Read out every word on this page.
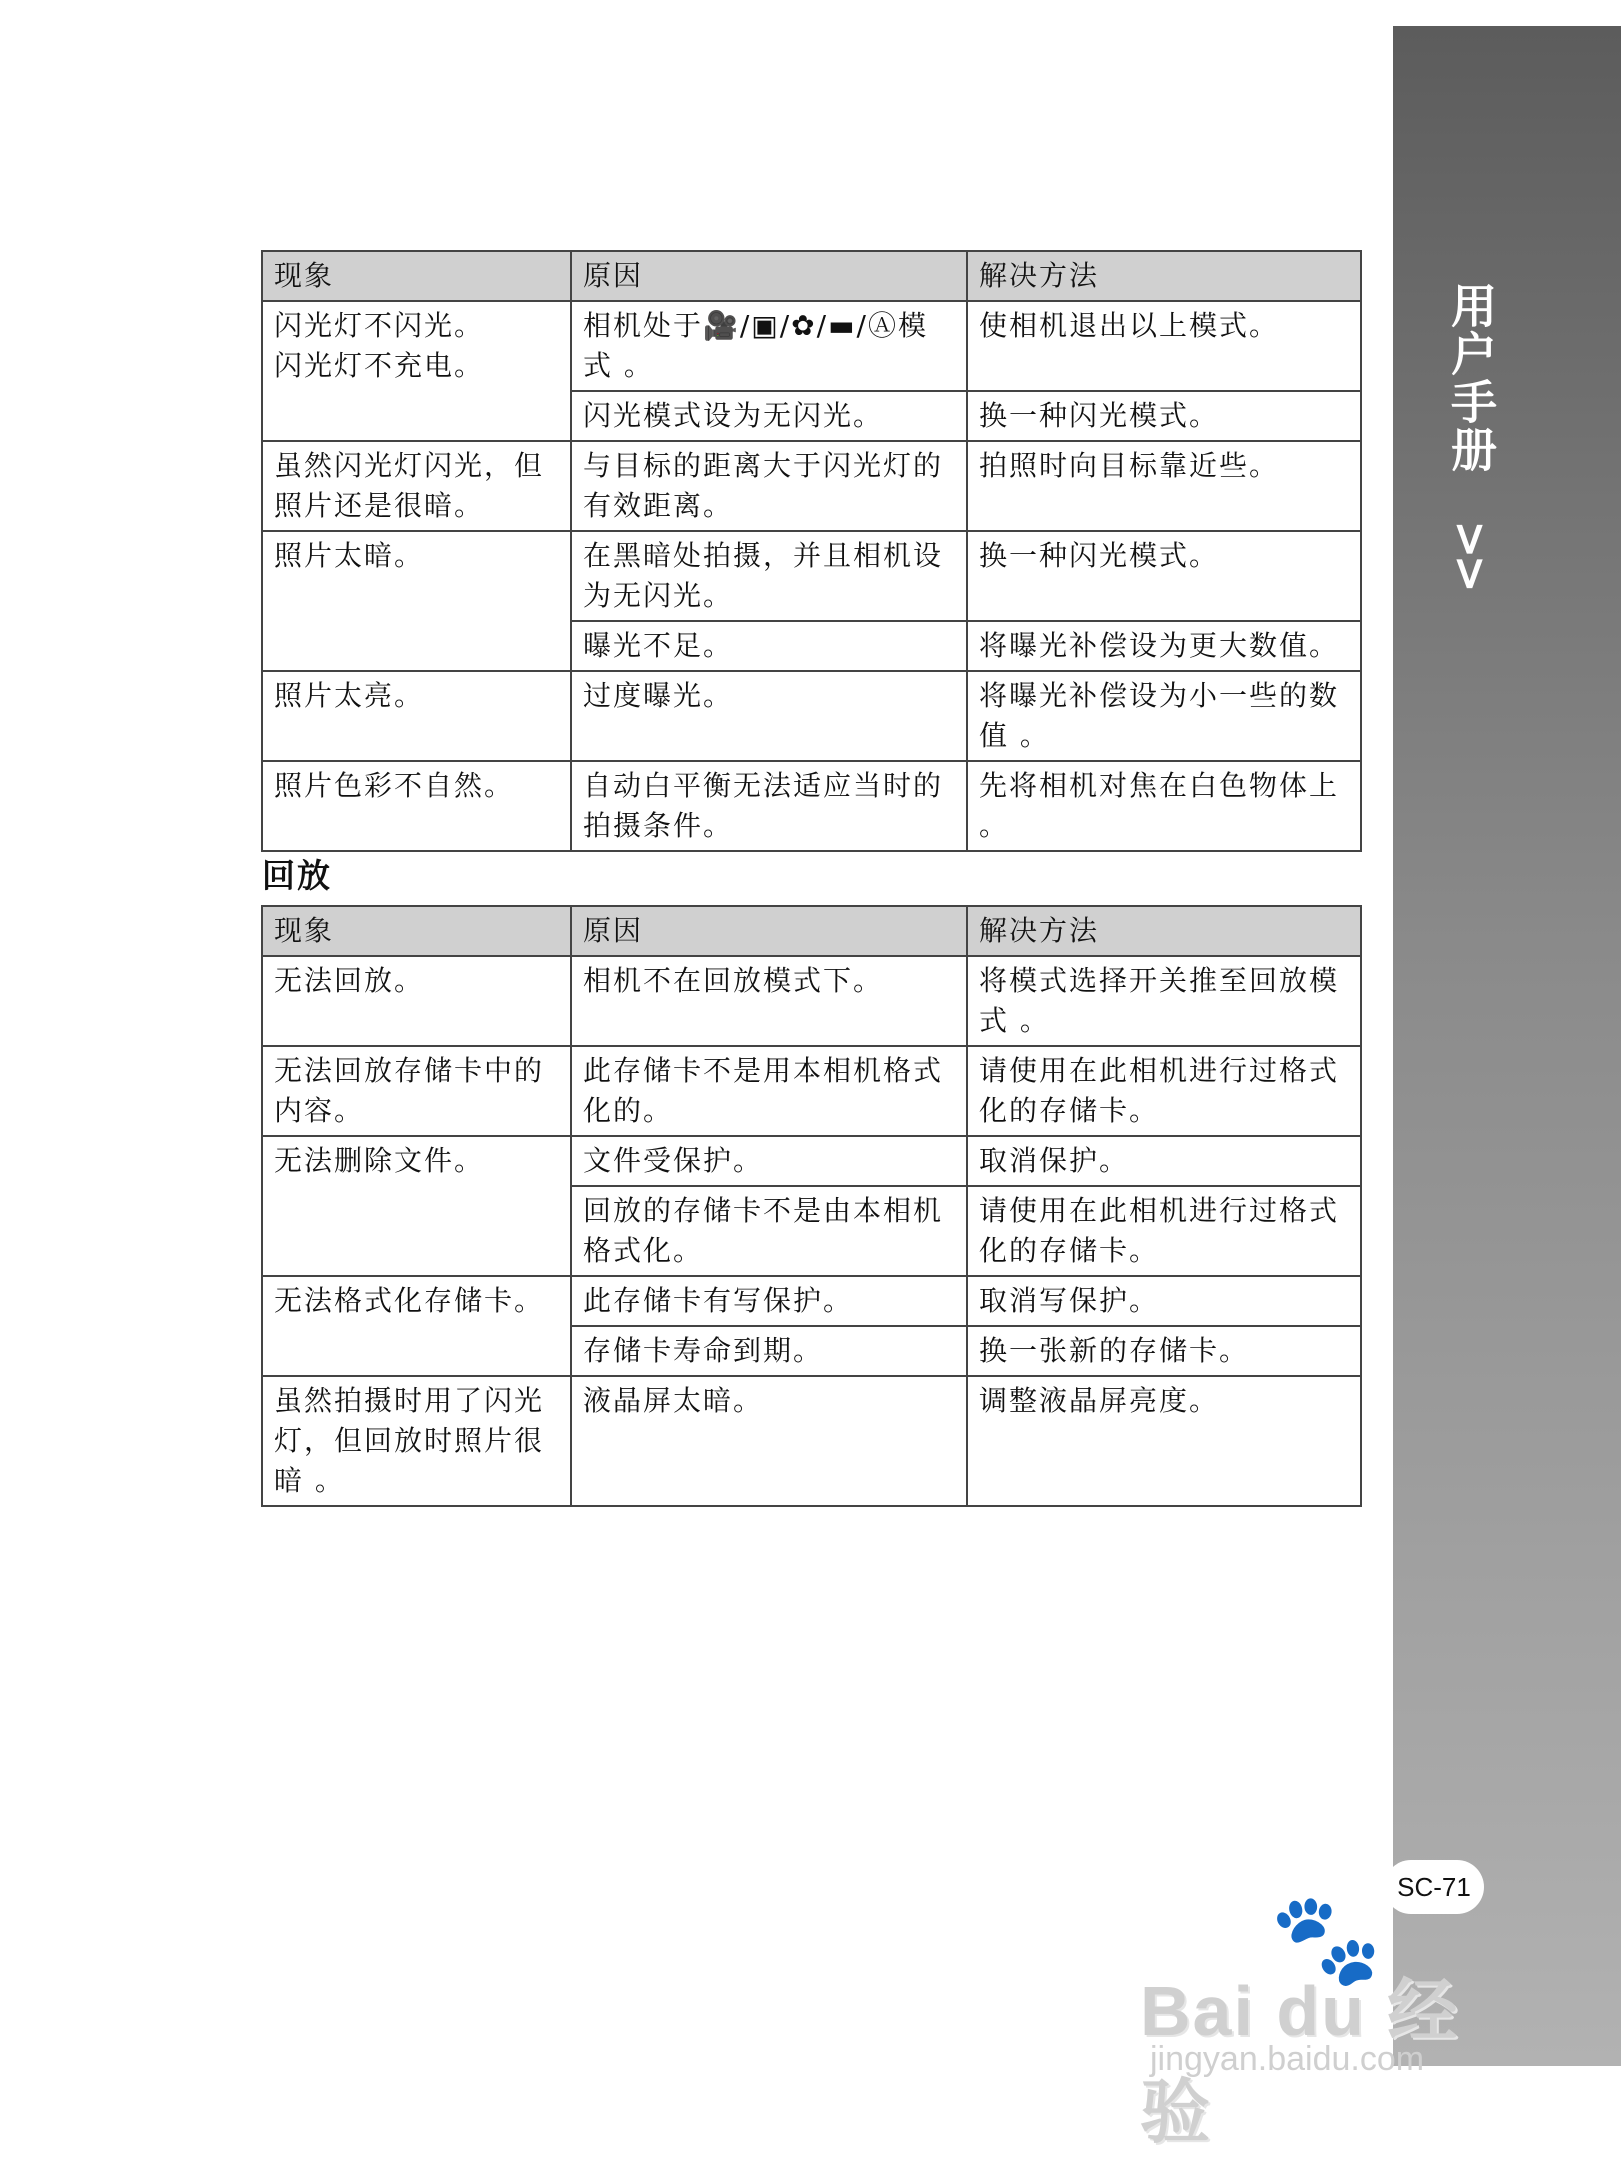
用户手册 >>
现象	原因	解决方法
闪光灯不闪光。
闪光灯不充电。	相机处于🎥/▣/✿/▬/Ⓐ模式 。	使相机退出以上模式。
	闪光模式设为无闪光。	换一种闪光模式。
虽然闪光灯闪光，但照片还是很暗。	与目标的距离大于闪光灯的有效距离。	拍照时向目标靠近些。
照片太暗。	在黑暗处拍摄，并且相机设为无闪光。	换一种闪光模式。
	曝光不足。	将曝光补偿设为更大数值。
照片太亮。	过度曝光。	将曝光补偿设为小一些的数值 。
照片色彩不自然。	自动白平衡无法适应当时的拍摄条件。	先将相机对焦在白色物体上 。
回放
现象	原因	解决方法
无法回放。	相机不在回放模式下。	将模式选择开关推至回放模式 。
无法回放存储卡中的内容。	此存储卡不是用本相机格式化的。	请使用在此相机进行过格式化的存储卡。
无法删除文件。	文件受保护。	取消保护。
	回放的存储卡不是由本相机格式化。	请使用在此相机进行过格式化的存储卡。
无法格式化存储卡。	此存储卡有写保护。	取消写保护。
	存储卡寿命到期。	换一张新的存储卡。
虽然拍摄时用了闪光灯，但回放时照片很暗 。	液晶屏太暗。	调整液晶屏亮度。
SC-71
🐾
Bai du 经验
jingyan.baidu.com
